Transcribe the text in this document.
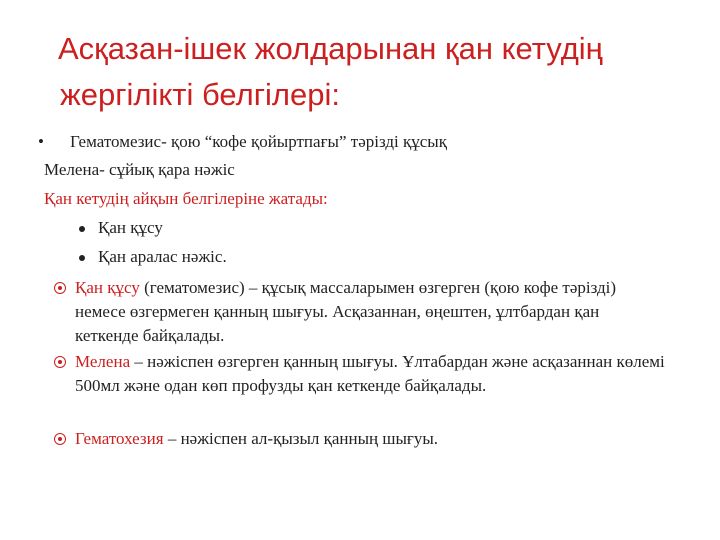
Асқазан-ішек жолдарынан қан кетудің
жергілікті белгілері:
• Гематомезис- қою “кофе қойыртпағы” тәрізді құсық
Мелена- сұйық қара нәжіс
Қан кетудің айқын белгілеріне жатады:
Қан құсу
Қан аралас нәжіс.
Қан құсу (гематомезис) – құсық массаларымен өзгерген (қою кофе тәрізді) немесе өзгермеген қанның шығуы. Асқазаннан, өңештен, ұлтбардан қан кеткенде байқалады.
Мелена – нәжіспен өзгерген қанның шығуы. Ұлтабардан және асқазаннан көлемі 500мл және одан көп профузды қан кеткенде байқалады.
Гематохезия – нәжіспен ал-қызыл қанның шығуы.
